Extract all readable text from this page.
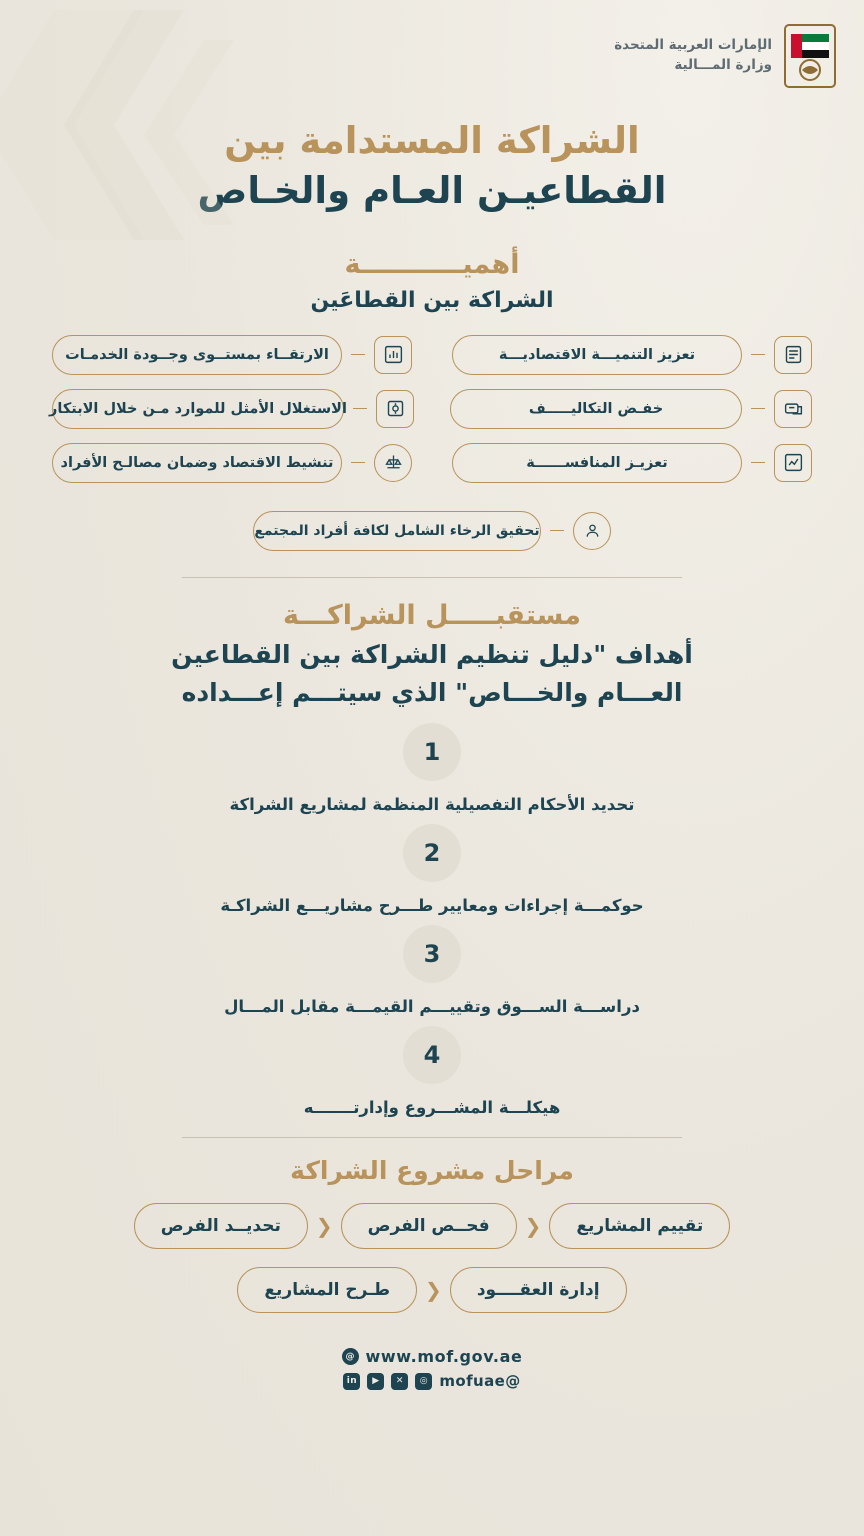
الإمارات العربية المتحدة
وزارة المـــالية
الشراكة المستدامة بين
القطاعيـن العـام والخـاص
أهميـــــــــــة
الشراكة بين القطاعَين
تعزيز التنميـــة الاقتصاديـــة
الارتقــاء بمستــوى وجــودة الخدمـات
خفـض التكاليـــــف
الاستغلال الأمثل للموارد مـن خلال الابتكار
تعزيـز المنافســــــة
تنشيط الاقتصاد وضمان مصالـح الأفراد
تحقيق الرخاء الشامل لكافة أفراد المجتمع
مستقبـــــل الشراكـــة
أهداف "دليل تنظيم الشراكة بين القطاعين
العـــام والخـــاص" الذي سيتـــم إعـــداده
1
تحديد الأحكام التفصيلية المنظمة لمشاريع الشراكة
2
حوكمـــة إجراءات ومعايير طـــرح مشاريـــع الشراكـة
3
دراســـة الســـوق وتقييـــم القيمـــة مقابل المـــال
4
هيكلـــة المشـــروع وإدارتـــــــه
مراحل مشروع الشراكة
تقييم المشاريع
❮
فحــص الفرص
❮
تحديــد الفرص
إدارة العقــــود
❮
طـرح المشاريع
www.mof.gov.ae
@
@mofuae
◎
✕
▶
in
